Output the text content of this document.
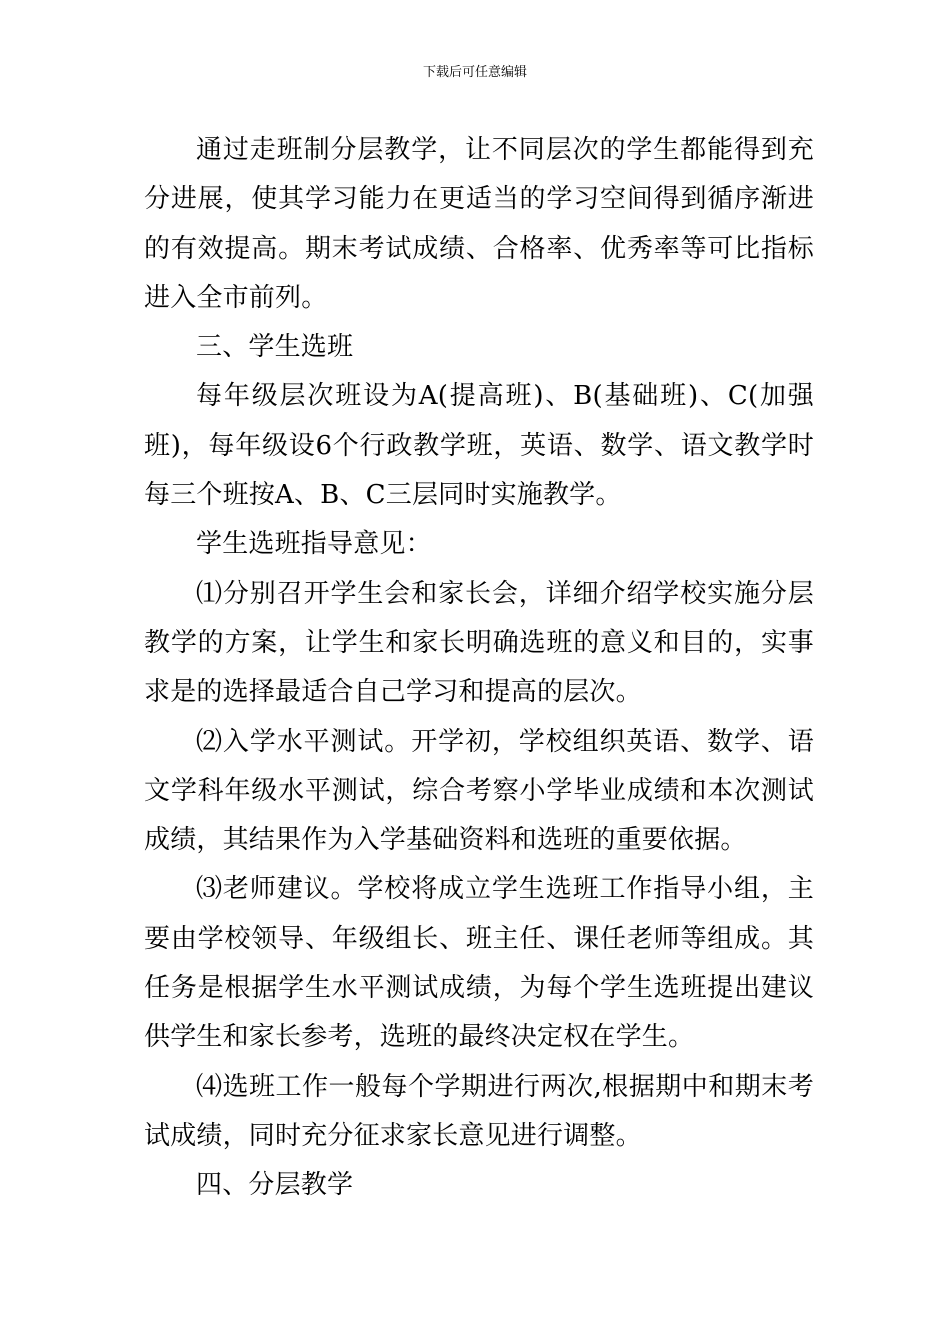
下载后可任意编辑

通过走班制分层教学，让不同层次的学生都能得到充分进展，使其学习能力在更适当的学习空间得到循序渐进的有效提高。期末考试成绩、合格率、优秀率等可比指标进入全市前列。

三、学生选班

每年级层次班设为A(提高班)、B(基础班)、C(加强班)，每年级设6个行政教学班，英语、数学、语文教学时每三个班按A、B、C三层同时实施教学。

学生选班指导意见：

⑴分别召开学生会和家长会，详细介绍学校实施分层教学的方案，让学生和家长明确选班的意义和目的，实事求是的选择最适合自己学习和提高的层次。

⑵入学水平测试。开学初，学校组织英语、数学、语文学科年级水平测试，综合考察小学毕业成绩和本次测试成绩，其结果作为入学基础资料和选班的重要依据。

⑶老师建议。学校将成立学生选班工作指导小组，主要由学校领导、年级组长、班主任、课任老师等组成。其任务是根据学生水平测试成绩，为每个学生选班提出建议供学生和家长参考，选班的最终决定权在学生。

⑷选班工作一般每个学期进行两次,根据期中和期末考试成绩，同时充分征求家长意见进行调整。

四、分层教学
